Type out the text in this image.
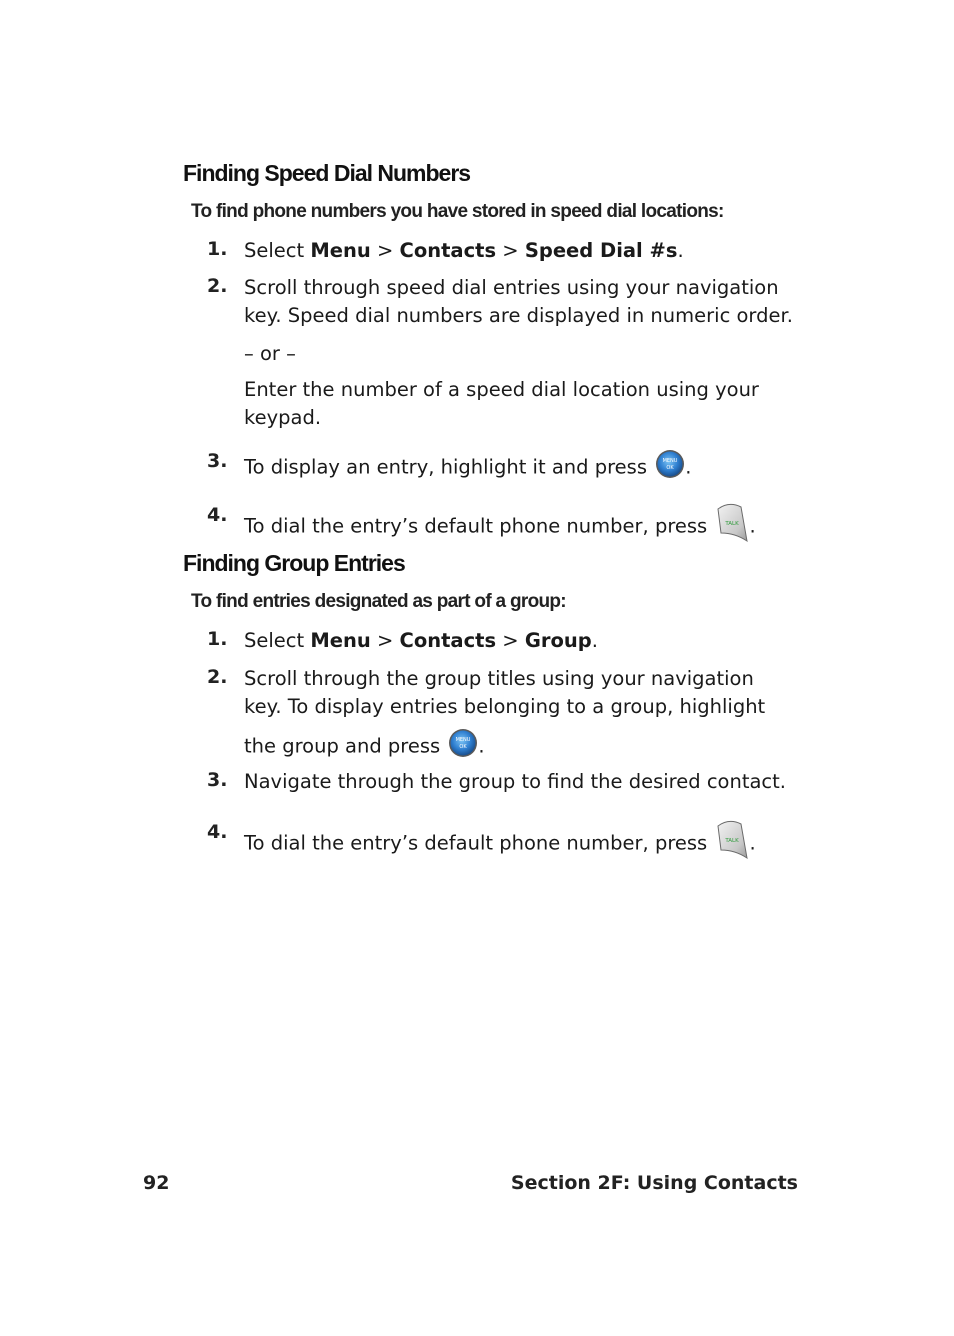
Finding Speed Dial Numbers
To find phone numbers you have stored in speed dial locations:
1. Select Menu > Contacts > Speed Dial #s.
2. Scroll through speed dial entries using your navigation
key. Speed dial numbers are displayed in numeric order.
– or –
Enter the number of a speed dial location using your
keypad.
3. To display an entry, highlight it and press	MENU
OK .
4. To dial the entry’s default phone number, press	TALK .
Finding Group Entries
To find entries designated as part of a group:
1. Select Menu > Contacts > Group.
2. Scroll through the group titles using your navigation
key. To display entries belonging to a group, highlight
the group and press	MENU
OK .
3. Navigate through the group to find the desired contact.
4. To dial the entry’s default phone number, press	TALK .
92	Section 2F: Using Contacts
